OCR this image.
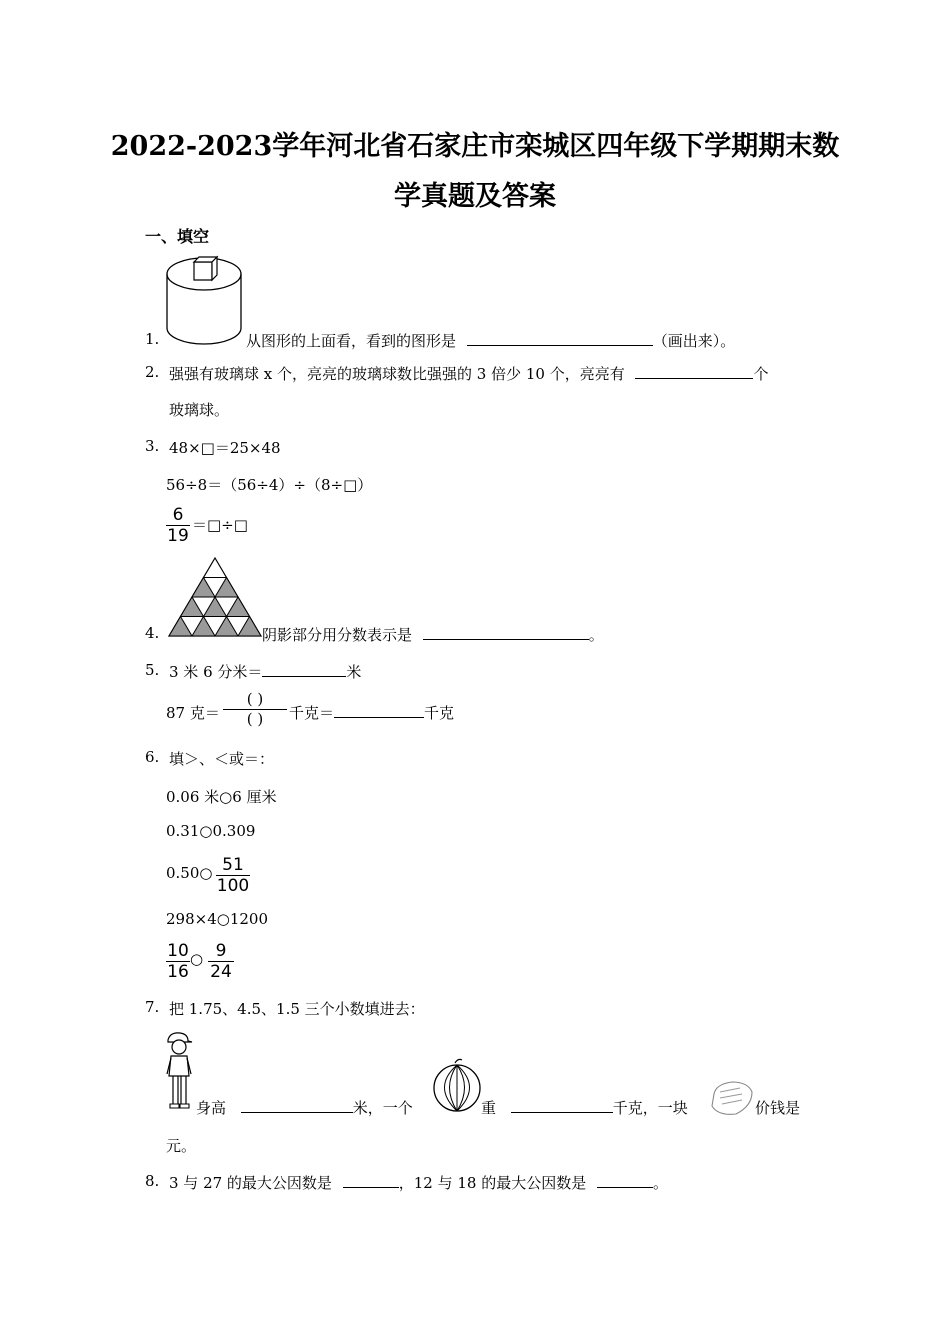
2022-2023学年河北省石家庄市栾城区四年级下学期期末数
学真题及答案
一、填空
1.	从图形的上面看，看到的图形是	（画出来）。
2. 强强有玻璃球 x 个，亮亮的玻璃球数比强强的 3 倍少 10 个，亮亮有	个
玻璃球。
3. 48×□＝25×48
56÷8＝（56÷4）÷（8÷□）
6
19
＝□÷□
4.	阴影部分用分数表示是	。
5. 3 米 6 分米＝	米
87 克＝
( )
( )	千克＝	千克
6. 填＞、＜或＝：
0.06 米○6 厘米
0.31○0.309
0.50○ 51
100
298×4○1200
10
16
○ 9
24
7. 把 1.75、4.5、1.5 三个小数填进去：
身高	米，一个	重	千克，一块	价钱是
元。
8. 3 与 27 的最大公因数是	，12 与 18 的最大公因数是	。
